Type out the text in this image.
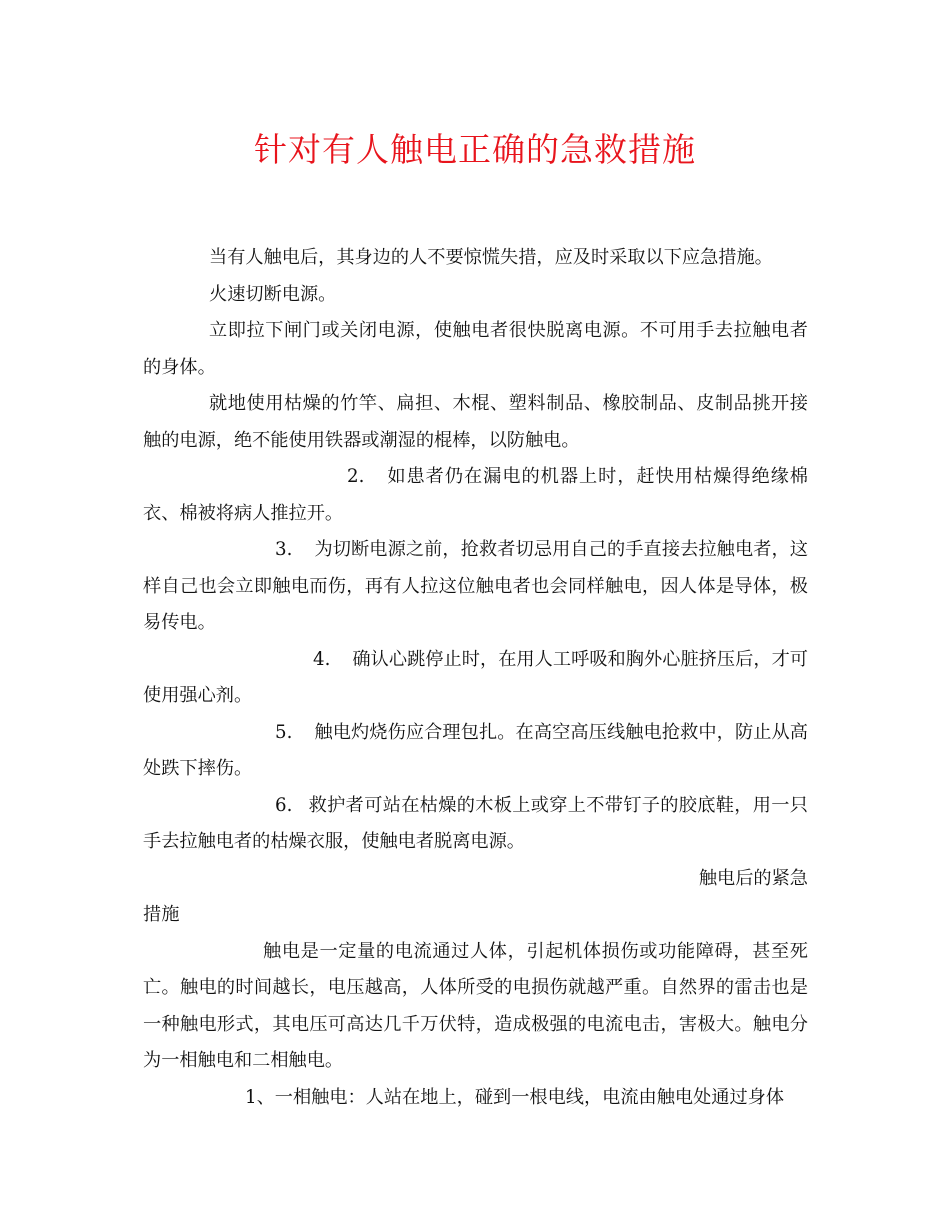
针对有人触电正确的急救措施

当有人触电后，其身边的人不要惊慌失措，应及时采取以下应急措施。

火速切断电源。

立即拉下闸门或关闭电源，使触电者很快脱离电源。不可用手去拉触电者的身体。

就地使用枯燥的竹竿、扁担、木棍、塑料制品、橡胶制品、皮制品挑开接触的电源，绝不能使用铁器或潮湿的棍棒，以防触电。

2. 如患者仍在漏电的机器上时，赶快用枯燥得绝缘棉衣、棉被将病人推拉开。

3. 为切断电源之前，抢救者切忌用自己的手直接去拉触电者，这样自己也会立即触电而伤，再有人拉这位触电者也会同样触电，因人体是导体，极易传电。

4. 确认心跳停止时，在用人工呼吸和胸外心脏挤压后，才可使用强心剂。

5. 触电灼烧伤应合理包扎。在高空高压线触电抢救中，防止从高处跌下摔伤。

6. 救护者可站在枯燥的木板上或穿上不带钉子的胶底鞋，用一只手去拉触电者的枯燥衣服，使触电者脱离电源。

触电后的紧急

措施

触电是一定量的电流通过人体，引起机体损伤或功能障碍，甚至死亡。触电的时间越长，电压越高，人体所受的电损伤就越严重。自然界的雷击也是一种触电形式，其电压可高达几千万伏特，造成极强的电流电击，害极大。触电分为一相触电和二相触电。

1、一相触电：人站在地上，碰到一根电线，电流由触电处通过身体
